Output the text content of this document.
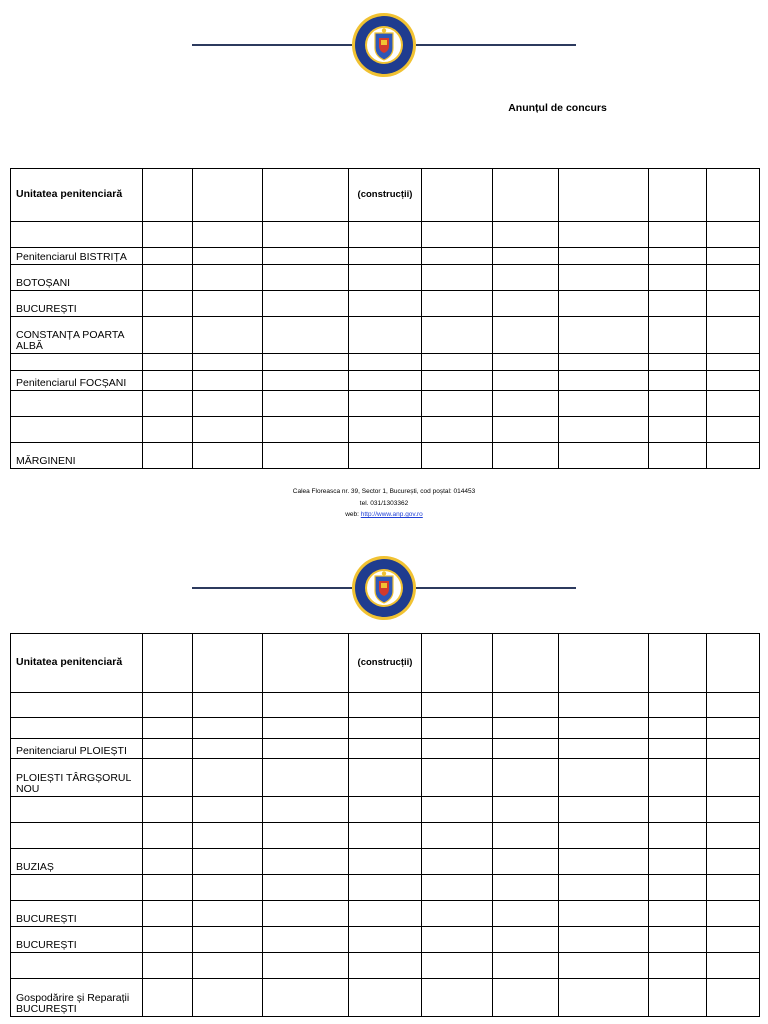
Anunțul de concurs
Unitatea penitenciară				(construcții)					

Penitenciarul BISTRIȚA									
BOTOȘANI									
BUCUREȘTI									
CONSTANȚA POARTA ALBĂ									

Penitenciarul FOCȘANI									

MĂRGINENI									
Calea Floreasca nr. 39, Sector 1, București, cod poștal: 014453
tel. 031/1303362
web: http://www.anp.gov.ro
Unitatea penitenciară				(construcții)					

Penitenciarul PLOIEȘTI									
PLOIEȘTI TÂRGȘORUL NOU									

BUZIAȘ									

BUCUREȘTI									
BUCUREȘTI									

Gospodărire și Reparații BUCUREȘTI									
